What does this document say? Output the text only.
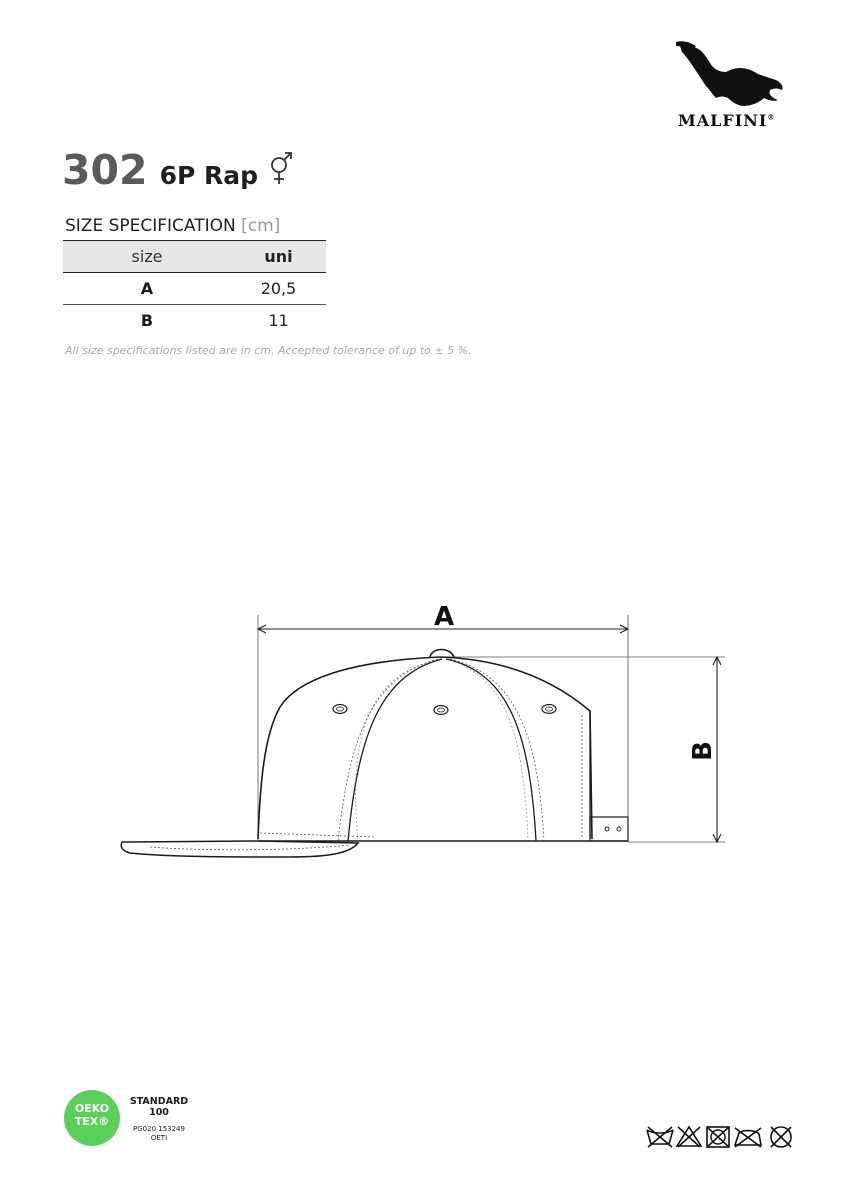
MALFINI®
302 6P Rap
SIZE SPECIFICATION [cm]
size	uni
A	20,5
B	11
All size specifications listed are in cm. Accepted tolerance of up to ± 5 %.
A
B
OEKO
TEX®
STANDARD
100
PG020 153249
OETI
